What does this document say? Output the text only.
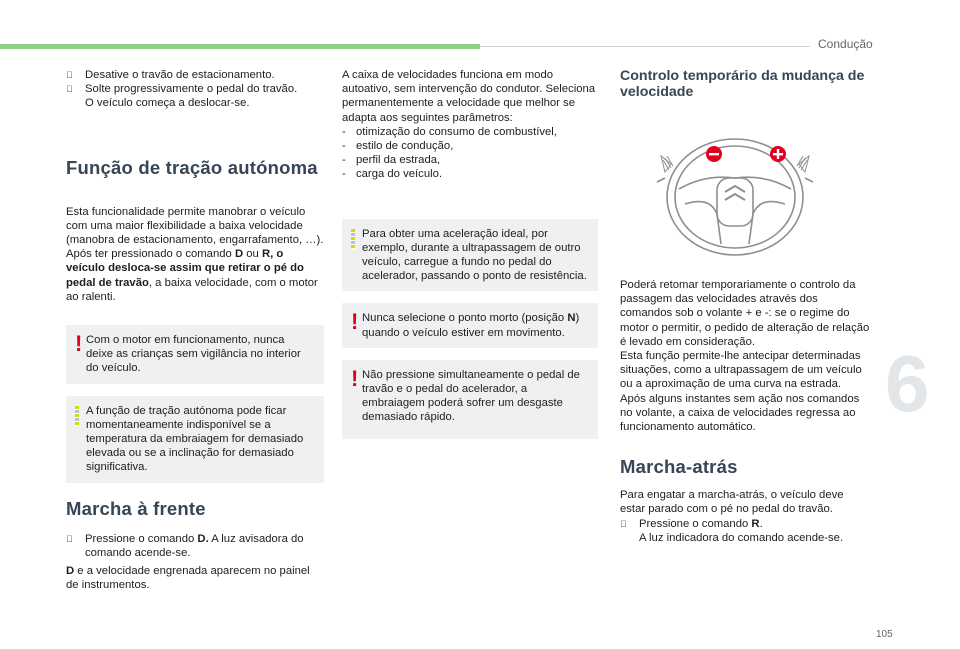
Condução
6
105

Desative o travão de estacionamento.

Solte progressivamente o pedal do travão.
O veículo começa a deslocar-se.

Função de tração autónoma

Esta funcionalidade permite manobrar o veículo com uma maior flexibilidade a baixa velocidade (manobra de estacionamento, engarrafamento, …).

Após ter pressionado o comando D ou R, o veículo desloca-se assim que retirar o pé do pedal de travão, a baixa velocidade, com o motor ao ralenti.

! Com o motor em funcionamento, nunca deixe as crianças sem vigilância no interior do veículo.

A função de tração autónoma pode ficar momentaneamente indisponível se a temperatura da embraiagem for demasiado elevada ou se a inclinação for demasiado significativa.

Marcha à frente

Pressione o comando D. A luz avisadora do comando acende-se.

D e a velocidade engrenada aparecem no painel de instrumentos.

A caixa de velocidades funciona em modo autoativo, sem intervenção do condutor. Seleciona permanentemente a velocidade que melhor se adapta aos seguintes parâmetros:

- otimização do consumo de combustível,

- estilo de condução,

- perfil da estrada,

- carga do veículo.

Para obter uma aceleração ideal, por exemplo, durante a ultrapassagem de outro veículo, carregue a fundo no pedal do acelerador, passando o ponto de resistência.

! Nunca selecione o ponto morto (posição N) quando o veículo estiver em movimento.

! Não pressione simultaneamente o pedal de travão e o pedal do acelerador, a embraiagem poderá sofrer um desgaste demasiado rápido.

Controlo temporário da mudança de velocidade

Poderá retomar temporariamente o controlo da passagem das velocidades através dos comandos sob o volante + e -: se o regime do motor o permitir, o pedido de alteração de relação é levado em consideração.

Esta função permite-lhe antecipar determinadas situações, como a ultrapassagem de um veículo ou a aproximação de uma curva na estrada.

Após alguns instantes sem ação nos comandos no volante, a caixa de velocidades regressa ao funcionamento automático.

Marcha-atrás

Para engatar a marcha-atrás, o veículo deve estar parado com o pé no pedal do travão.

Pressione o comando R.
A luz indicadora do comando acende-se.
